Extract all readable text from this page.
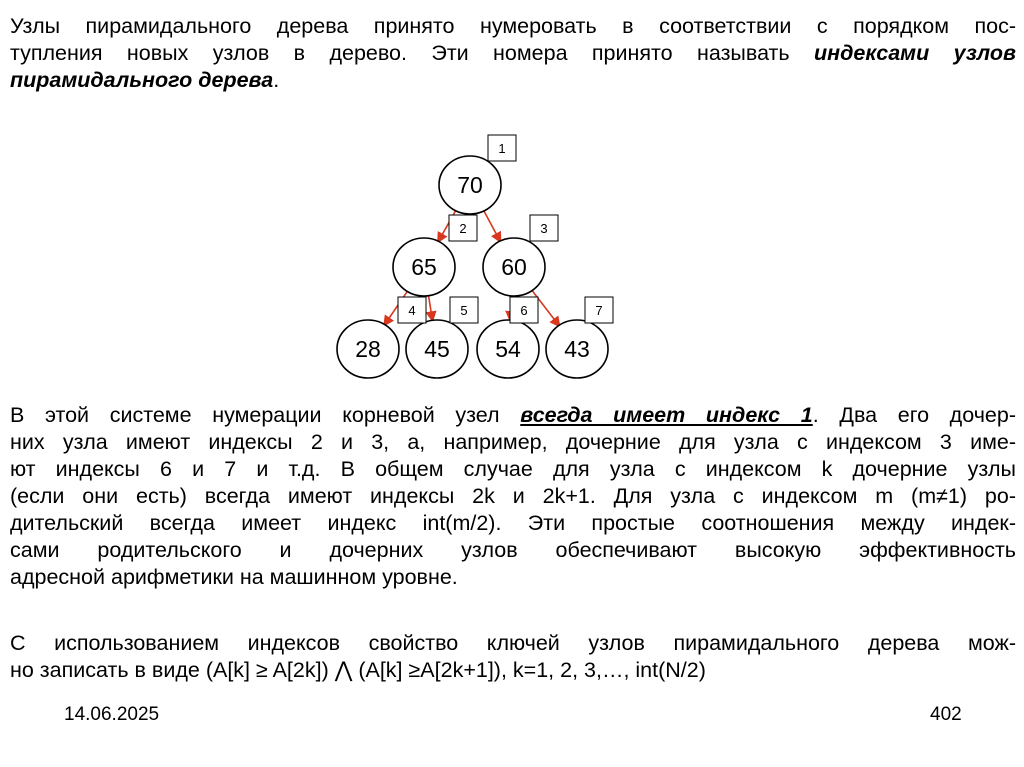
Узлы пирамидального дерева принято нумеровать в соответствии с порядком пос-
тупления новых узлов в дерево. Эти номера принято называть индексами узлов
пирамидального дерева.
70
65	60
28 45 54 43
1
2	3
4	5	6	7
В этой системе нумерации корневой узел всегда имеет индекс 1. Два его дочер-
них узла имеют индексы 2 и 3, а, например, дочерние для узла с индексом 3 име-
ют индексы 6 и 7 и т.д. В общем случае для узла с индексом k дочерние узлы
(если они есть) всегда имеют индексы 2k и 2k+1. Для узла с индексом m (m≠1) ро-
дительский всегда имеет индекс int(m/2). Эти простые соотношения между индек-
сами родительского и дочерних узлов обеспечивают высокую эффективность
адресной арифметики на машинном уровне.
С использованием индексов свойство ключей узлов пирамидального дерева мож-
но записать в виде (A[k] ≥ A[2k]) ⋀ (A[k] ≥A[2k+1]), k=1, 2, 3,…, int(N/2)
14.06.2025	402
